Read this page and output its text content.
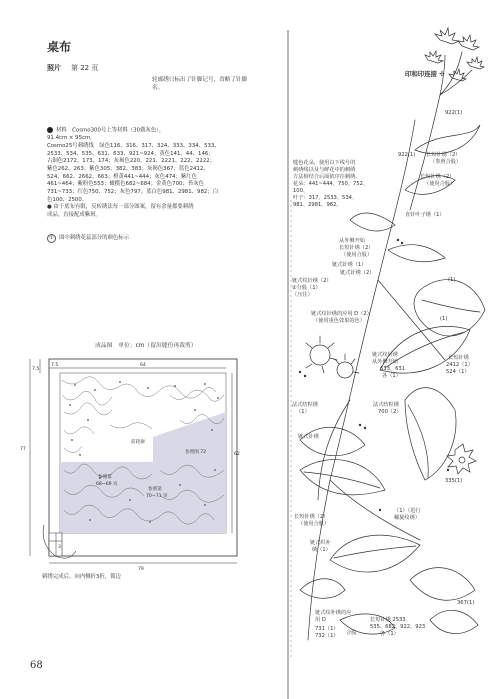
桌布
照片 第 22 页
轮廓绣只标出了针脚记号，省略了针脚名。
材料　Cosmo300号上等材料（30做灰色），
91.4cm × 95cm。
Cosmo25号刺绣线　绿色116、316、317、324、333、334、533、
2533、534、535、631、633、921~924；黄色141、44、146；
古铜色2172、173、174；灰褐色220、221、2221、222、2222；
紫色262、263；紫色305、382、383；灰褐色367；蓝色2412、
524、662、2662、663；橙黄441~444；灰色474；紫红色
461~464；紫粉色553；橄榄色682~684；金黄色700；苔灰色
731~733；红色750、752；灰色797；蓝白色981、2981、982；白
色100、2500。
● 由于底布有限，反转绣法每一部分图案，留有余量都要刺绣
成品。直接配成紫斑。
① 图中刺绣花蕊部分的颜色标示
成品图　单位：cm（留出缝份再裁剪）
7.5	64
7.5
62
77
3
79
前轮廓
参照图 72
参照第
68~69 页
参照第
70~71 页
刺绣完成后，向内侧折3折，锁边
68
印和印连接 ✣
922(1)
922(1) 长短针绣（2）
（参照合股）
长短针绣（2）
（使用合股）
缝色花朵，使用以下线号的
刺绣线以及与鲜花中的刺绣
方法相结合后面依序往刺绣。
花朵：441~444、750、752、
100、
叶子：317、2533、534、
981、2981、982。
直针叶子绣（1）
从外侧开始
长短针绣（2）
（使用合股）
链式针绣（1）
链式针绣（2）
链式纹针绣（2）
②分股（1）
（压住）
链式纹针绣的应用 D（2）
（使用重色效果的色）
链式纹针绣
从外侧开始
633、631
各（1）
长短针绣
2412（1）
524（1）
法式结粒绣
（1）
法式结粒绣
700（2）
链式针绣
335(1)
长短针绣（2）
（使用合股）
（1）（进行
螺旋纹绣）
链式织补
绣（1）
链式纹补绣的应
用 D
731（1）
732（1） 合股
长短针绣 2533、
535、682、922、923
各（1）
367(1)
(1)
(1)
